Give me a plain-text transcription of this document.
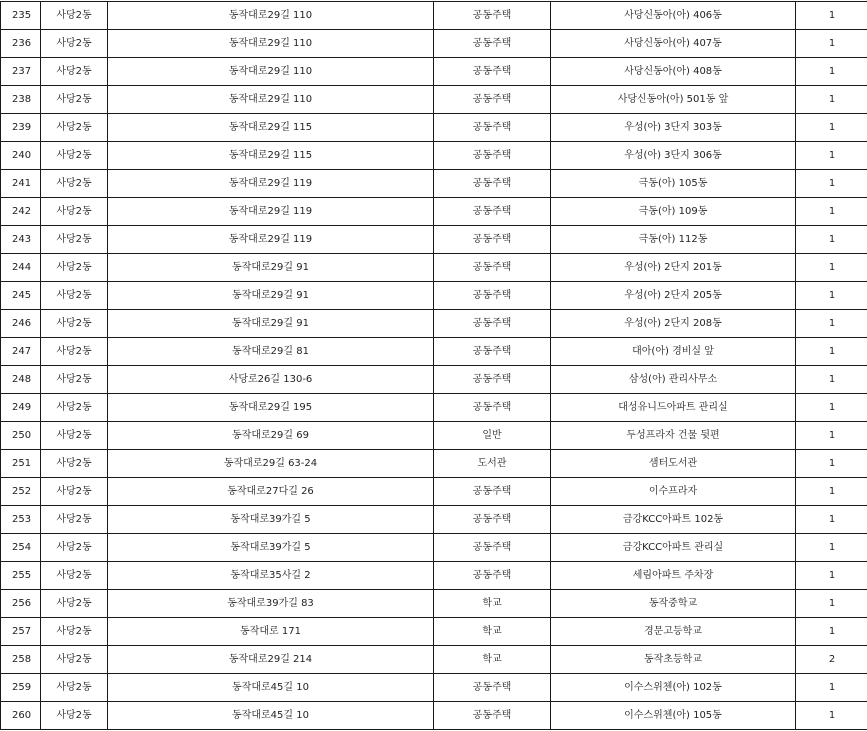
235	사당2동	동작대로29길 110	공동주택	사당신동아(아) 406동	1
236	사당2동	동작대로29길 110	공동주택	사당신동아(아) 407동	1
237	사당2동	동작대로29길 110	공동주택	사당신동아(아) 408동	1
238	사당2동	동작대로29길 110	공동주택	사당신동아(아) 501동 앞	1
239	사당2동	동작대로29길 115	공동주택	우성(아) 3단지 303동	1
240	사당2동	동작대로29길 115	공동주택	우성(아) 3단지 306동	1
241	사당2동	동작대로29길 119	공동주택	극동(아) 105동	1
242	사당2동	동작대로29길 119	공동주택	극동(아) 109동	1
243	사당2동	동작대로29길 119	공동주택	극동(아) 112동	1
244	사당2동	동작대로29길 91	공동주택	우성(아) 2단지 201동	1
245	사당2동	동작대로29길 91	공동주택	우성(아) 2단지 205동	1
246	사당2동	동작대로29길 91	공동주택	우성(아) 2단지 208동	1
247	사당2동	동작대로29길 81	공동주택	대아(아) 경비실 앞	1
248	사당2동	사당로26길 130-6	공동주택	삼성(아) 관리사무소	1
249	사당2동	동작대로29길 195	공동주택	대성유니드아파트 관리실	1
250	사당2동	동작대로29길 69	일반	두성프라자 건물 뒷편	1
251	사당2동	동작대로29길 63-24	도서관	샘터도서관	1
252	사당2동	동작대로27다길 26	공동주택	이수프라자	1
253	사당2동	동작대로39가길 5	공동주택	금강KCC아파트 102동	1
254	사당2동	동작대로39가길 5	공동주택	금강KCC아파트 관리실	1
255	사당2동	동작대로35사길 2	공동주택	세림아파트 주차장	1
256	사당2동	동작대로39가길 83	학교	동작중학교	1
257	사당2동	동작대로 171	학교	경문고등학교	1
258	사당2동	동작대로29길 214	학교	동작초등학교	2
259	사당2동	동작대로45길 10	공동주택	이수스위첸(아) 102동	1
260	사당2동	동작대로45길 10	공동주택	이수스위첸(아) 105동	1
